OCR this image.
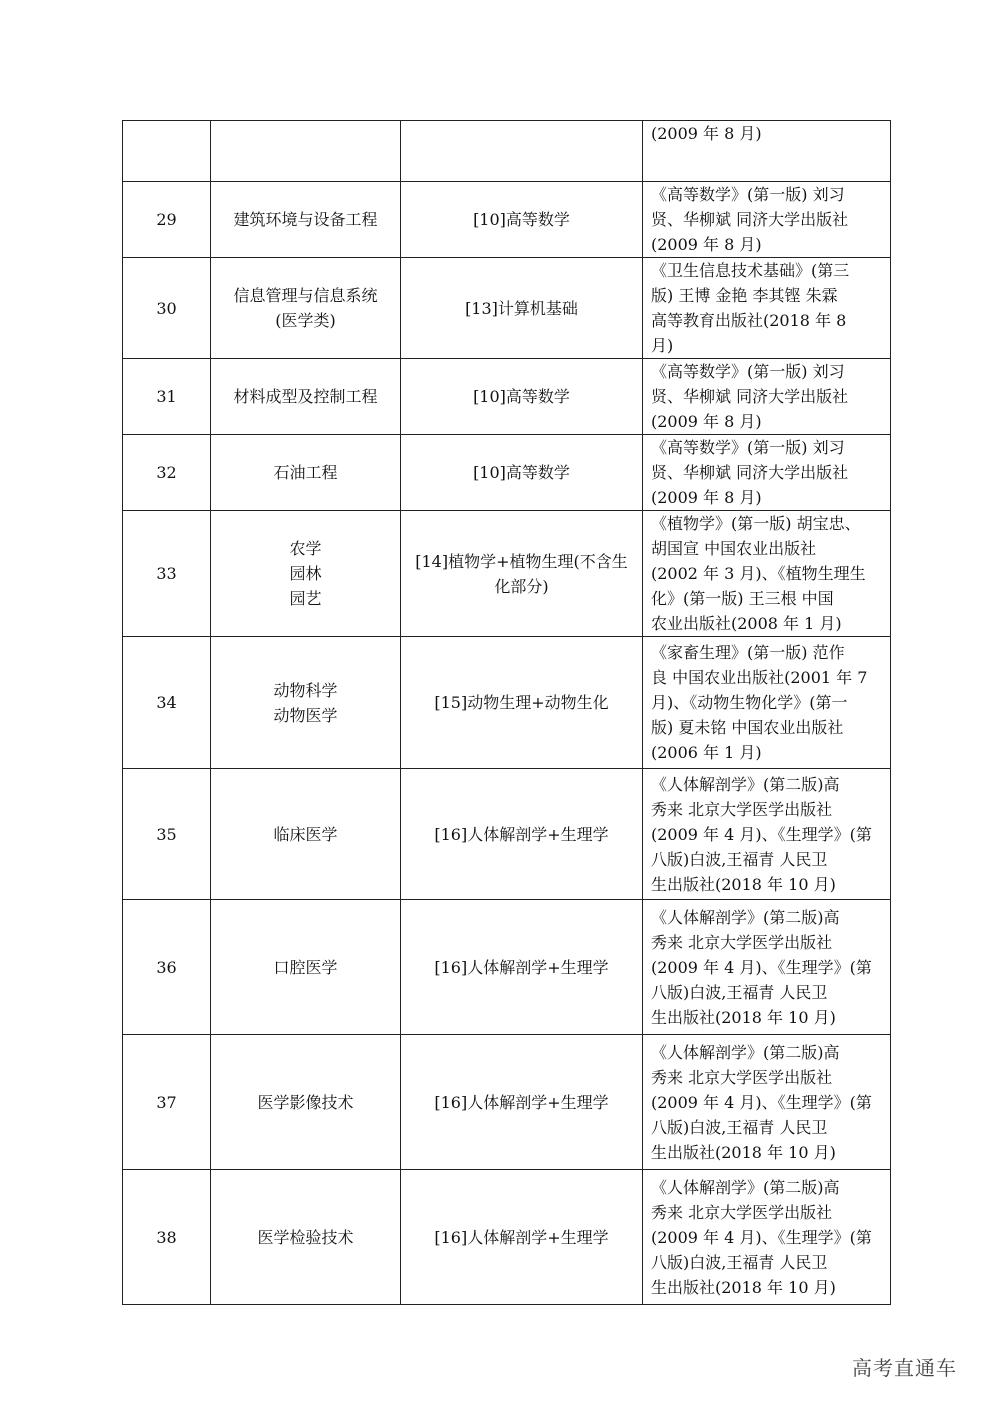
			(2009 年 8 月)
29	建筑环境与设备工程	[10]高等数学	《高等数学》(第一版) 刘习
贤、华柳斌 同济大学出版社
(2009 年 8 月)
30	信息管理与信息系统
(医学类)	[13]计算机基础	《卫生信息技术基础》(第三
版) 王博 金艳 李其铿 朱霖
高等教育出版社(2018 年 8
月)
31	材料成型及控制工程	[10]高等数学	《高等数学》(第一版) 刘习
贤、华柳斌 同济大学出版社
(2009 年 8 月)
32	石油工程	[10]高等数学	《高等数学》(第一版) 刘习
贤、华柳斌 同济大学出版社
(2009 年 8 月)
33	农学
园林
园艺	[14]植物学+植物生理(不含生化部分)	《植物学》(第一版) 胡宝忠、
胡国宣 中国农业出版社
(2002 年 3 月)、《植物生理生
化》(第一版) 王三根 中国
农业出版社(2008 年 1 月)
34	动物科学
动物医学	[15]动物生理+动物生化	《家畜生理》(第一版) 范作
良 中国农业出版社(2001 年 7
月)、《动物生物化学》(第一
版) 夏未铭 中国农业出版社
(2006 年 1 月)
35	临床医学	[16]人体解剖学+生理学	《人体解剖学》(第二版)高
秀来 北京大学医学出版社
(2009 年 4 月)、《生理学》(第
八版)白波,王福青 人民卫
生出版社(2018 年 10 月)
36	口腔医学	[16]人体解剖学+生理学	《人体解剖学》(第二版)高
秀来 北京大学医学出版社
(2009 年 4 月)、《生理学》(第
八版)白波,王福青 人民卫
生出版社(2018 年 10 月)
37	医学影像技术	[16]人体解剖学+生理学	《人体解剖学》(第二版)高
秀来 北京大学医学出版社
(2009 年 4 月)、《生理学》(第
八版)白波,王福青 人民卫
生出版社(2018 年 10 月)
38	医学检验技术	[16]人体解剖学+生理学	《人体解剖学》(第二版)高
秀来 北京大学医学出版社
(2009 年 4 月)、《生理学》(第
八版)白波,王福青 人民卫
生出版社(2018 年 10 月)
高考直通车
